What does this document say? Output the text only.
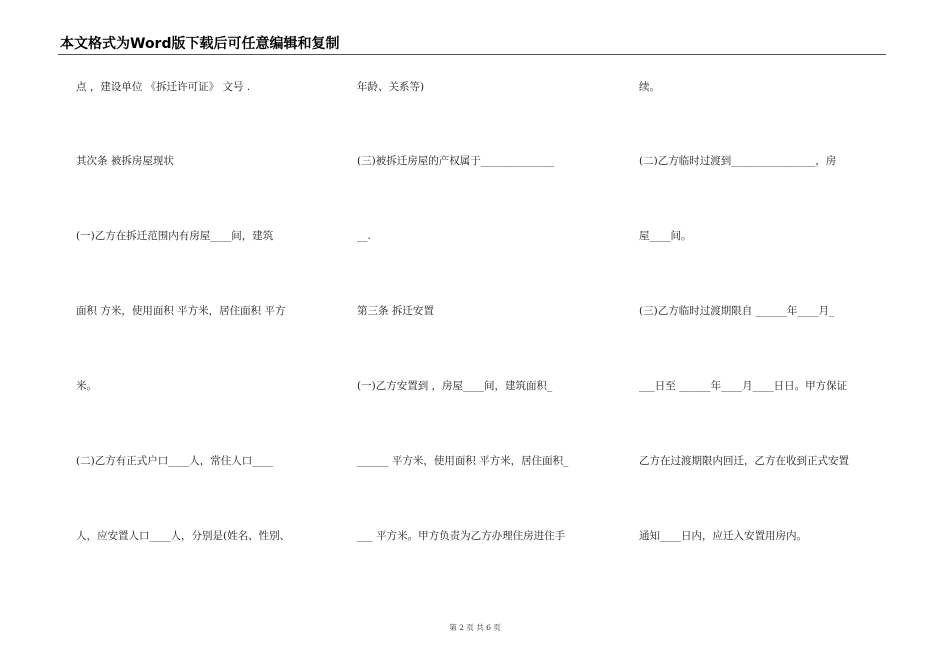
本文格式为Word版下载后可任意编辑和复制
点 ，建设单位 《拆迁许可证》 文号 .
其次条 被拆房屋现状
(一)乙方在拆迁范围内有房屋____间，建筑
面积 方米，使用面积 平方米，居住面积 平方
米。
(二)乙方有正式户口____人，常住人口____
人，应安置人口____人，分别是(姓名、性别、
年龄、关系等)
(三)被拆迁房屋的产权属于______________
__.
第三条 拆迁安置
(一)乙方安置到 ，房屋____间，建筑面积_
______ 平方米，使用面积 平方米，居住面积_
___ 平方米。甲方负责为乙方办理住房进住手
续。
(二)乙方临时过渡到________________，房
屋____间。
(三)乙方临时过渡期限自 ______年____月_
___日至 ______年____月____日日。甲方保证
乙方在过渡期限内回迁，乙方在收到正式安置
通知____日内，应迁入安置用房内。
第 2 页 共 6 页
